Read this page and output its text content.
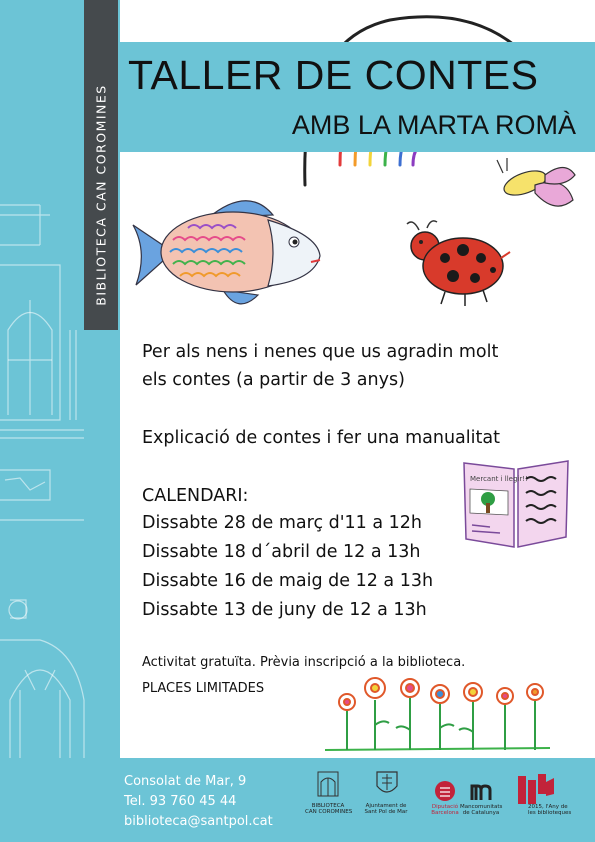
BIBLIOTECA CAN COROMINES
TALLER DE CONTES
AMB LA MARTA ROMÀ
Per als nens i nenes que us agradin molt
els contes (a partir de 3 anys)
Explicació de contes i fer una manualitat
CALENDARI:
Dissabte 28 de març d'11 a 12h
Dissabte 18 d´abril de 12 a 13h
Dissabte 16 de maig de 12 a 13h
Dissabte 13 de juny de 12 a 13h
Activitat gratuïta. Prèvia inscripció a la biblioteca.
PLACES LIMITADES
Mercant i llegir!!
Consolat de Mar, 9
Tel. 93 760 45 44
biblioteca@santpol.cat
BIBLIOTECA
CAN COROMINES
Ajuntament de
Sant Pol de Mar
Diputació
Barcelona
Mancomunitats
de Catalunya
2015, l'Any de
les biblioteques
